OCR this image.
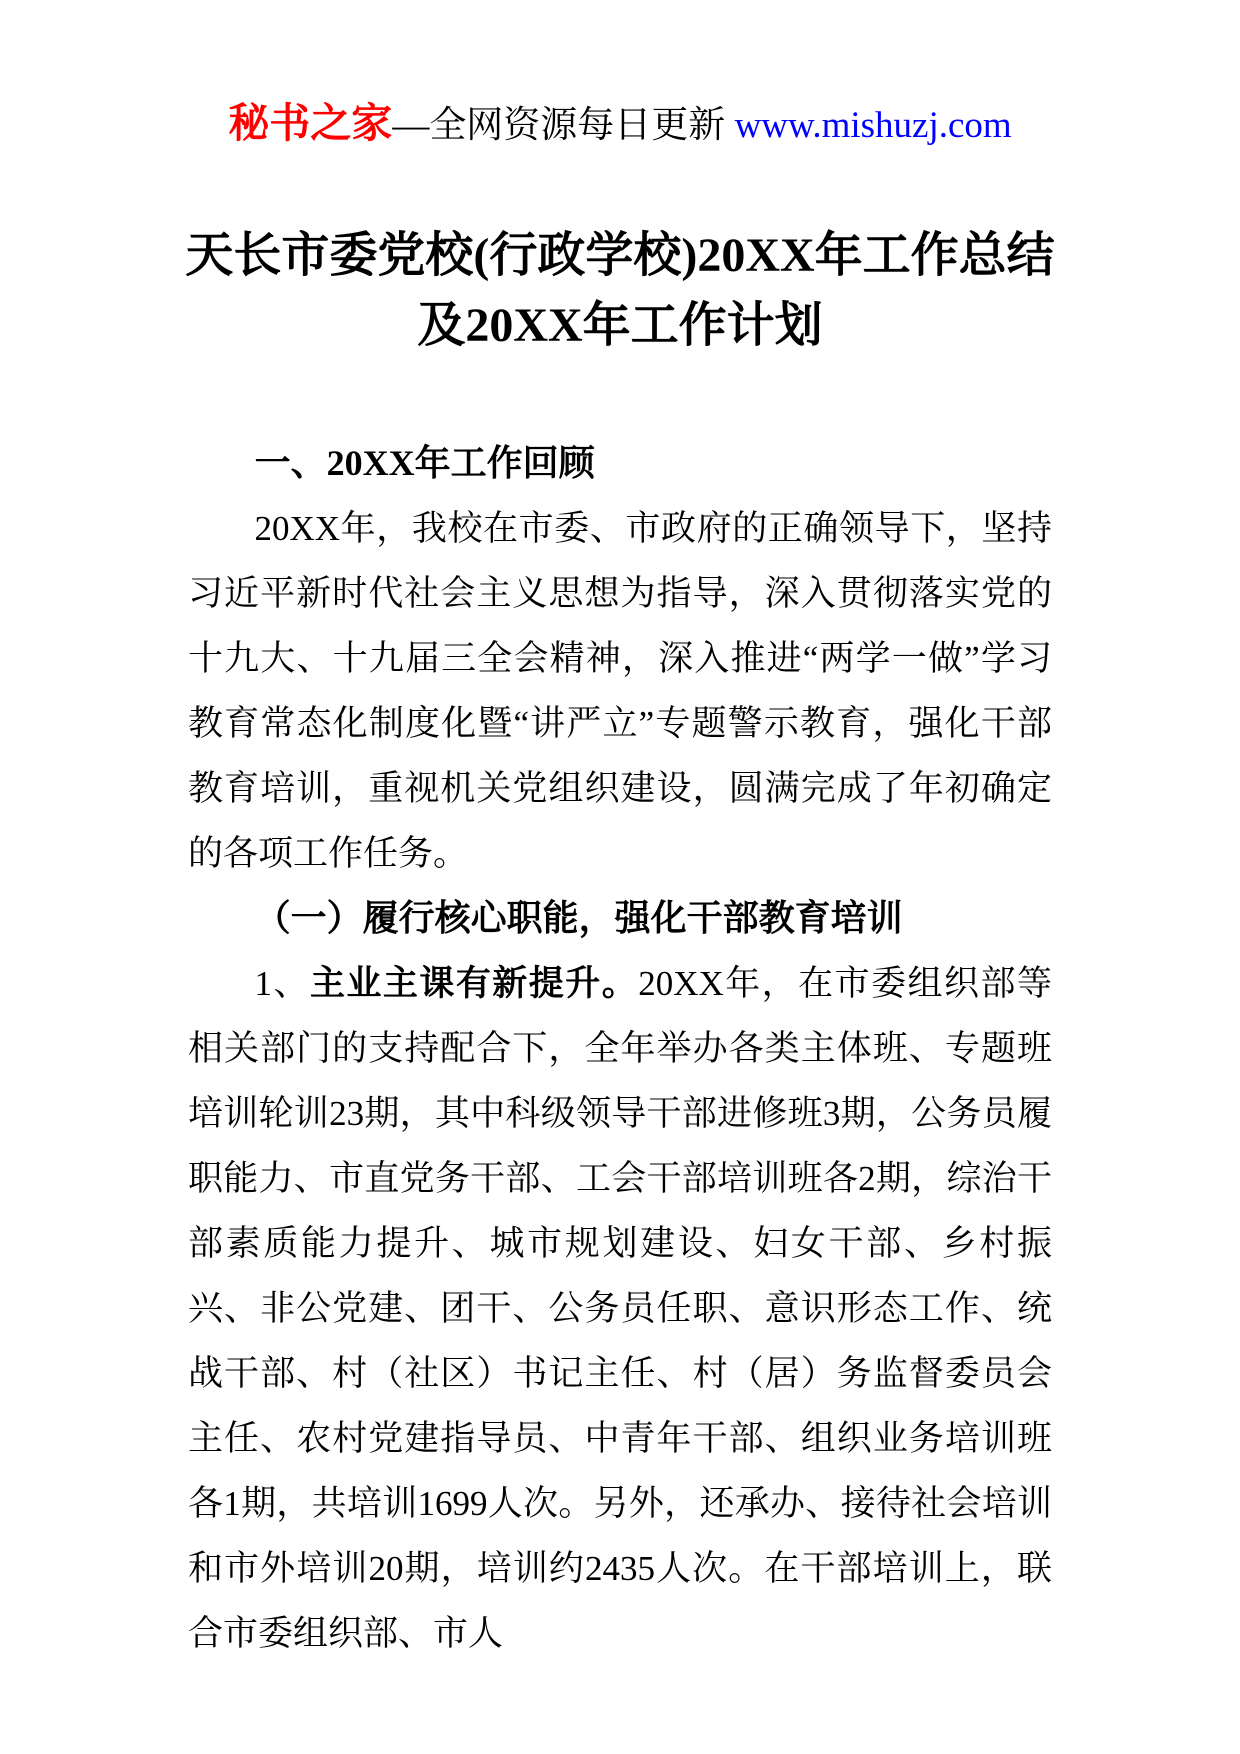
秘书之家—全网资源每日更新 www.mishuzj.com
天长市委党校(行政学校)20XX年工作总结
及20XX年工作计划
一、20XX年工作回顾

20XX年，我校在市委、市政府的正确领导下，坚持习近平新时代社会主义思想为指导，深入贯彻落实党的十九大、十九届三全会精神，深入推进“两学一做”学习教育常态化制度化暨“讲严立”专题警示教育，强化干部教育培训，重视机关党组织建设，圆满完成了年初确定的各项工作任务。

（一）履行核心职能，强化干部教育培训

1、主业主课有新提升。20XX年，在市委组织部等相关部门的支持配合下，全年举办各类主体班、专题班培训轮训23期，其中科级领导干部进修班3期，公务员履职能力、市直党务干部、工会干部培训班各2期，综治干部素质能力提升、城市规划建设、妇女干部、乡村振兴、非公党建、团干、公务员任职、意识形态工作、统战干部、村（社区）书记主任、村（居）务监督委员会主任、农村党建指导员、中青年干部、组织业务培训班各1期，共培训1699人次。另外，还承办、接待社会培训和市外培训20期，培训约2435人次。在干部培训上，联合市委组织部、市人
